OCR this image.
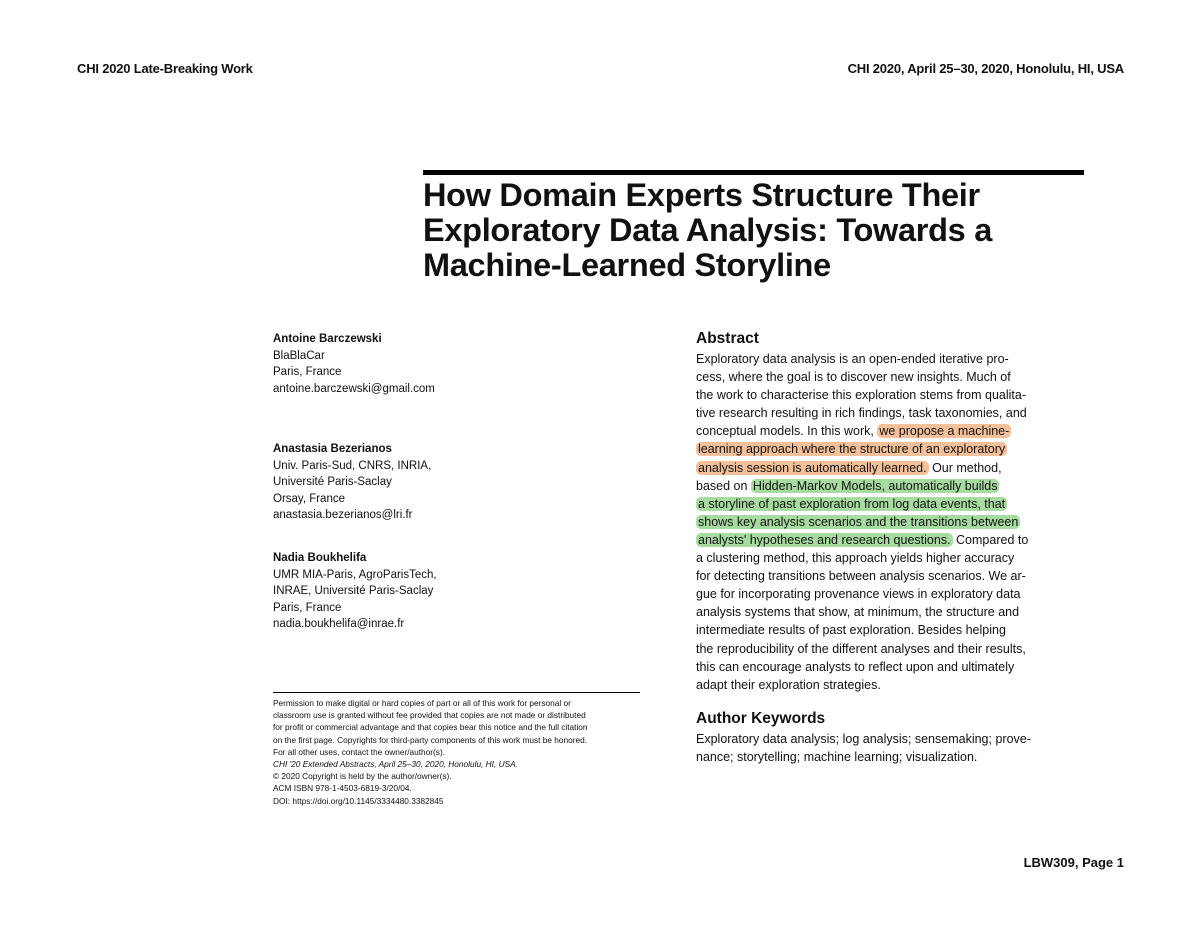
CHI 2020 Late-Breaking Work	CHI 2020, April 25–30, 2020, Honolulu, HI, USA
How Domain Experts Structure Their
Exploratory Data Analysis: Towards a
Machine-Learned Storyline
Antoine Barczewski
BlaBlaCar
Paris, France
antoine.barczewski@gmail.com
Anastasia Bezerianos
Univ. Paris-Sud, CNRS, INRIA,
Université Paris-Saclay
Orsay, France
anastasia.bezerianos@lri.fr
Nadia Boukhelifa
UMR MIA-Paris, AgroParisTech,
INRAE, Université Paris-Saclay
Paris, France
nadia.boukhelifa@inrae.fr
Permission to make digital or hard copies of part or all of this work for personal or
classroom use is granted without fee provided that copies are not made or distributed
for profit or commercial advantage and that copies bear this notice and the full citation
on the first page. Copyrights for third-party components of this work must be honored.
For all other uses, contact the owner/author(s).
CHI '20 Extended Abstracts, April 25–30, 2020, Honolulu, HI, USA.
© 2020 Copyright is held by the author/owner(s).
ACM ISBN 978-1-4503-6819-3/20/04.
DOI: https://doi.org/10.1145/3334480.3382845
Abstract
Exploratory data analysis is an open-ended iterative pro-
cess, where the goal is to discover new insights. Much of
the work to characterise this exploration stems from qualita-
tive research resulting in rich findings, task taxonomies, and
conceptual models. In this work, we propose a machine-
learning approach where the structure of an exploratory
analysis session is automatically learned. Our method,
based on Hidden-Markov Models, automatically builds
a storyline of past exploration from log data events, that
shows key analysis scenarios and the transitions between
analysts' hypotheses and research questions. Compared to
a clustering method, this approach yields higher accuracy
for detecting transitions between analysis scenarios. We ar-
gue for incorporating provenance views in exploratory data
analysis systems that show, at minimum, the structure and
intermediate results of past exploration. Besides helping
the reproducibility of the different analyses and their results,
this can encourage analysts to reflect upon and ultimately
adapt their exploration strategies.
Author Keywords
Exploratory data analysis; log analysis; sensemaking; prove-
nance; storytelling; machine learning; visualization.
LBW309, Page 1
